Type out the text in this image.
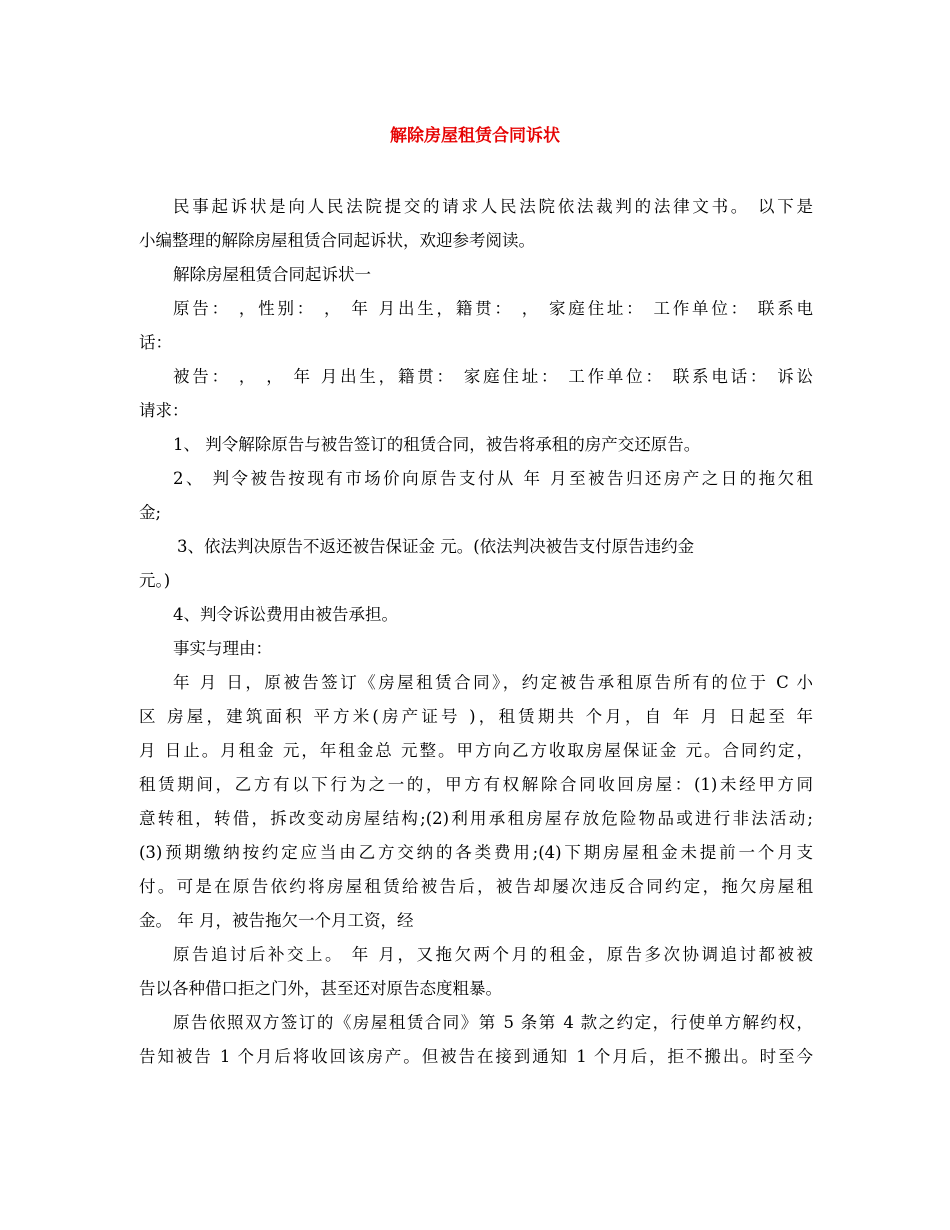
解除房屋租赁合同诉状
民事起诉状是向人民法院提交的请求人民法院依法裁判的法律文书。 以下是
小编整理的解除房屋租赁合同起诉状，欢迎参考阅读。
解除房屋租赁合同起诉状一
原告： ，性别： ， 年 月出生，籍贯： ， 家庭住址： 工作单位： 联系电
话：
被告： ， ， 年 月出生，籍贯： 家庭住址： 工作单位： 联系电话： 诉讼
请求：
1、 判令解除原告与被告签订的租赁合同，被告将承租的房产交还原告。
2、 判令被告按现有市场价向原告支付从 年 月至被告归还房产之日的拖欠租
金;
3、依法判决原告不返还被告保证金 元。(依法判决被告支付原告违约金
元。)
4、判令诉讼费用由被告承担。
事实与理由：
年 月 日，原被告签订《房屋租赁合同》，约定被告承租原告所有的位于 C 小
区 房屋，建筑面积 平方米(房产证号 )，租赁期共 个月，自 年 月 日起至 年
月 日止。月租金 元，年租金总 元整。甲方向乙方收取房屋保证金 元。合同约定，
租赁期间，乙方有以下行为之一的，甲方有权解除合同收回房屋：(1)未经甲方同
意转租，转借，拆改变动房屋结构;(2)利用承租房屋存放危险物品或进行非法活动;
(3)预期缴纳按约定应当由乙方交纳的各类费用;(4)下期房屋租金未提前一个月支
付。可是在原告依约将房屋租赁给被告后，被告却屡次违反合同约定，拖欠房屋租
金。 年 月，被告拖欠一个月工资，经
原告追讨后补交上。 年 月，又拖欠两个月的租金，原告多次协调追讨都被被
告以各种借口拒之门外，甚至还对原告态度粗暴。
原告依照双方签订的《房屋租赁合同》第 5 条第 4 款之约定，行使单方解约权，
告知被告 1 个月后将收回该房产。但被告在接到通知 1 个月后，拒不搬出。时至今
